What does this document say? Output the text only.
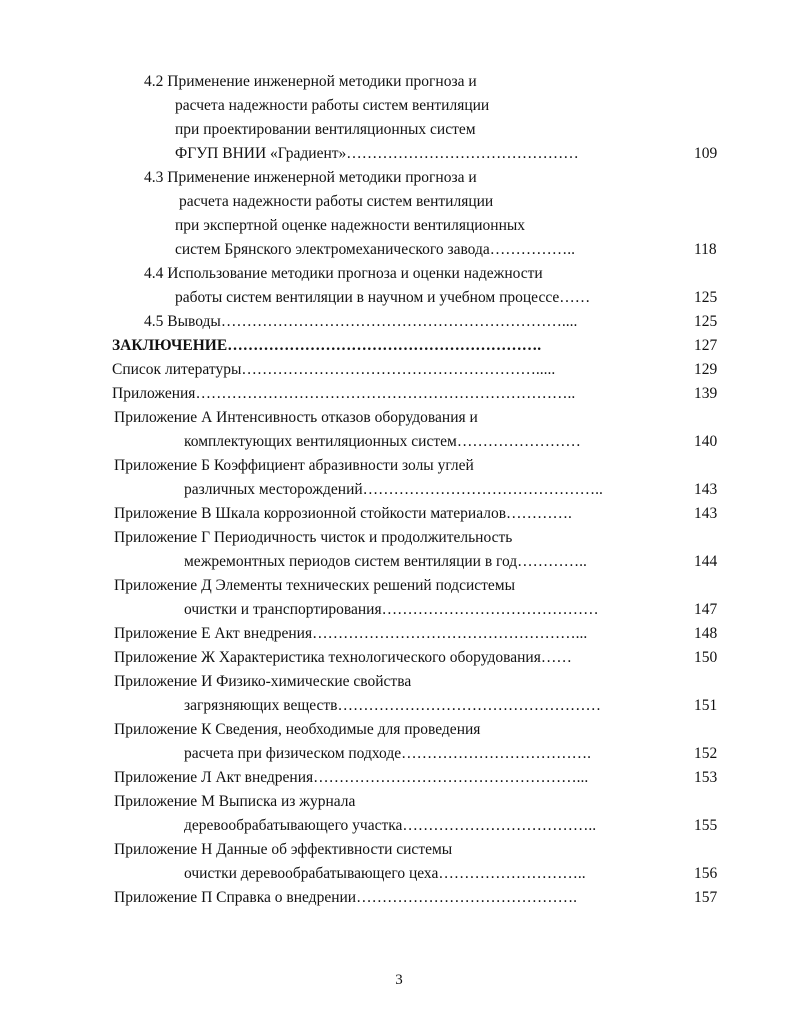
4.2 Применение инженерной методики прогноза и
расчета надежности работы систем вентиляции
при проектировании вентиляционных систем
ФГУП ВНИИ «Градиент»………………………………………	109
4.3 Применение инженерной методики прогноза и
расчета надежности работы систем вентиляции
при экспертной оценке надежности вентиляционных
систем Брянского электромеханического завода……………..	118
4.4 Использование методики прогноза и оценки надежности
работы систем вентиляции в научном и учебном процессе……	125
4.5 Выводы…………………………………………………………....	125
ЗАКЛЮЧЕНИЕ…………………………………………………….	127
Список литературы………………………………………………….....	129
Приложения………………………………………………………………..	139
Приложение А Интенсивность отказов оборудования и
комплектующих вентиляционных систем……………………	140
Приложение Б Коэффициент абразивности золы углей
различных месторождений………………………………………..	143
Приложение В Шкала коррозионной стойкости материалов………….	143
Приложение Г Периодичность чисток и продолжительность
межремонтных периодов систем вентиляции в год…………..	144
Приложение Д Элементы технических решений подсистемы
очистки и транспортирования……………………………………	147
Приложение Е Акт внедрения……………………………………………...	148
Приложение Ж Характеристика технологического оборудования……	150
Приложение И Физико-химические свойства
загрязняющих веществ……………………………………………	151
Приложение К Сведения, необходимые для проведения
расчета при физическом подходе……………………………….	152
Приложение Л Акт внедрения……………………………………………...	153
Приложение М Выписка из журнала
деревообрабатывающего участка………………………………..	155
Приложение Н Данные об эффективности системы
очистки деревообрабатывающего цеха………………………..	156
Приложение П Справка о внедрении…………………………………….	157
3
